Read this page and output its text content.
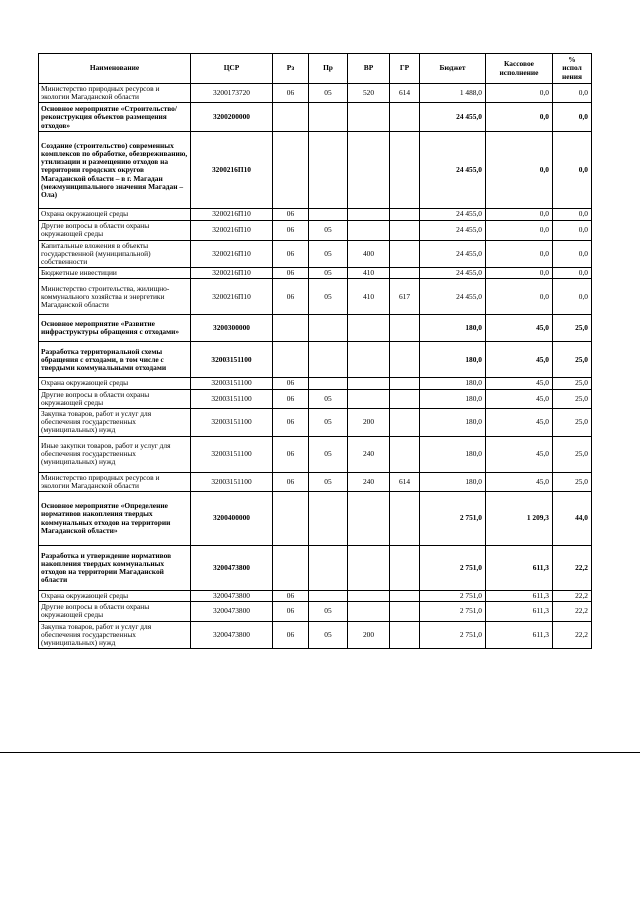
Наименование	ЦСР	Рз	Пр	ВР	ГР	Бюджет	Кассовое исполнение	%
испол нения

Министерство природных ресурсов и экологии Магаданской области	3200173720	06	05	520	614	1 488,0	0,0	0,0
Основное мероприятие «Строительство/реконструкция объектов размещения отходов»	3200200000					24 455,0	0,0	0,0
Создание (строительство) современных комплексов по обработке, обезвреживанию, утилизации и размещению отходов на территории городских округов Магаданской области – в г. Магадан (межмуниципального значения Магадан – Ола)	3200216П10					24 455,0	0,0	0,0
Охрана окружающей среды	3200216П10	06				24 455,0	0,0	0,0
Другие вопросы в области охраны окружающей среды	3200216П10	06	05			24 455,0	0,0	0,0
Капитальные вложения в объекты государственной (муниципальной) собственности	3200216П10	06	05	400		24 455,0	0,0	0,0
Бюджетные инвестиции	3200216П10	06	05	410		24 455,0	0,0	0,0
Министерство строительства, жилищно-коммунального хозяйства и энергетики Магаданской области	3200216П10	06	05	410	617	24 455,0	0,0	0,0
Основное мероприятие «Развитие инфраструктуры обращения с отходами»	3200300000					180,0	45,0	25,0
Разработка территориальной схемы обращения с отходами, в том числе с твердыми коммунальными отходами	32003151100					180,0	45,0	25,0
Охрана окружающей среды	32003151100	06				180,0	45,0	25,0
Другие вопросы в области охраны окружающей среды	32003151100	06	05			180,0	45,0	25,0
Закупка товаров, работ и услуг для обеспечения государственных (муниципальных) нужд	32003151100	06	05	200		180,0	45,0	25,0
Иные закупки товаров, работ и услуг для обеспечения государственных (муниципальных) нужд	32003151100	06	05	240		180,0	45,0	25,0
Министерство природных ресурсов и экологии Магаданской области	32003151100	06	05	240	614	180,0	45,0	25,0
Основное мероприятие «Определение нормативов накопления твердых коммунальных отходов на территории Магаданской области»	3200400000					2 751,0	1 209,3	44,0
Разработка и утверждение нормативов накопления твердых коммунальных отходов на территории Магаданской области	3200473800					2 751,0	611,3	22,2
Охрана окружающей среды	3200473800	06				2 751,0	611,3	22,2
Другие вопросы в области охраны окружающей среды	3200473800	06	05			2 751,0	611,3	22,2
Закупка товаров, работ и услуг для обеспечения государственных (муниципальных) нужд	3200473800	06	05	200		2 751,0	611,3	22,2
